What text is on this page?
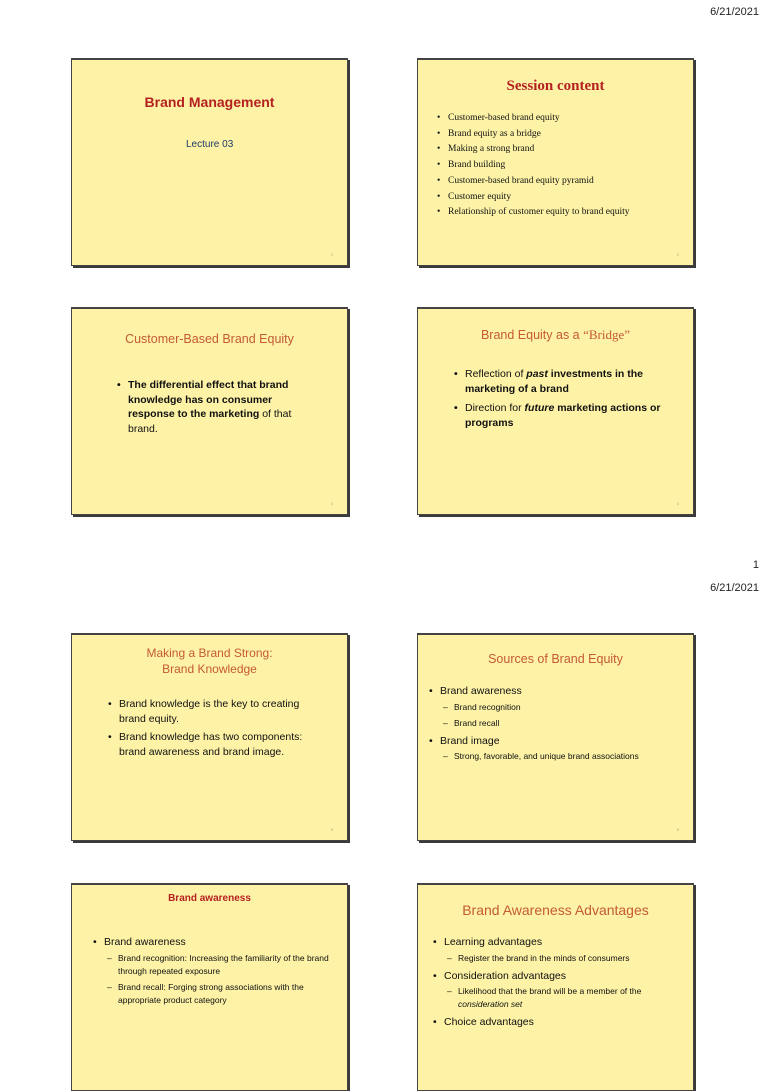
6/21/2021
Brand Management
Lecture 03
1
Session content
• Customer-based brand equity
• Brand equity as a bridge
• Making a strong brand
• Brand building
• Customer-based brand equity pyramid
• Customer equity
• Relationship of customer equity to brand equity
2
Customer-Based Brand Equity
• The differential effect that brand knowledge has on consumer response to the marketing of that brand.
3
Brand Equity as a “Bridge”
• Reflection of past investments in the marketing of a brand
• Direction for future marketing actions or programs
4
1
6/21/2021
Making a Brand Strong:
Brand Knowledge
• Brand knowledge is the key to creating brand equity.
• Brand knowledge has two components: brand awareness and brand image.
5
Sources of Brand Equity
• Brand awareness
– Brand recognition
– Brand recall
• Brand image
– Strong, favorable, and unique brand associations
6
Brand awareness
• Brand awareness
– Brand recognition: Increasing the familiarity of the brand through repeated exposure
– Brand recall: Forging strong associations with the appropriate product category
Brand Awareness Advantages
• Learning advantages
– Register the brand in the minds of consumers
• Consideration advantages
– Likelihood that the brand will be a member of the
consideration set
• Choice advantages
